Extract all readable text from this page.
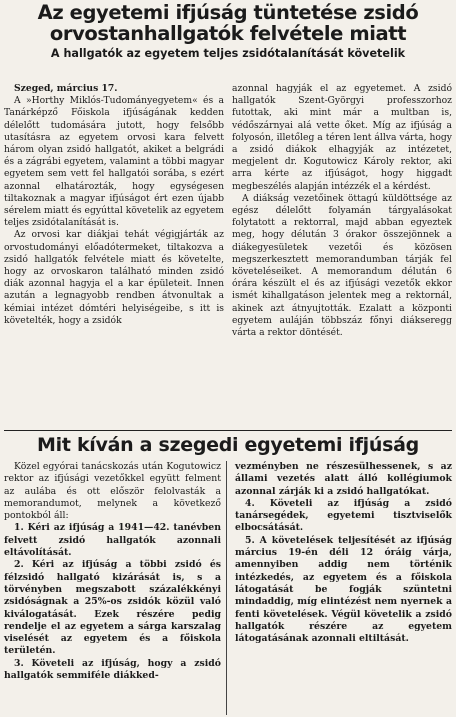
Az egyetemi ifjúság tüntetése zsidó orvostanhallgatók felvétele miatt
A hallgatók az egyetem teljes zsidótalanítását követelik

Szeged, március 17.

A »Horthy Miklós-Tudományegyetem« és a Tanárképző Főiskola ifjúságának kedden délelőtt tudomására jutott, hogy felsőbb utasításra az egyetem orvosi kara felvett három olyan zsidó hallgatót, akiket a belgrádi és a zágrábi egyetem, valamint a többi magyar egyetem sem vett fel hallgatói sorába, s ezért azonnal elhatározták, hogy egységesen tiltakoznak a magyar ifjúságot ért ezen újabb sérelem miatt és egyúttal követelik az egyetem teljes zsidótalanítását is.

Az orvosi kar diákjai tehát végigjárták az orvostudományi előadótermeket, tiltakozva a zsidó hallgatók felvétele miatt és követelte, hogy az orvoskaron található minden zsidó diák azonnal hagyja el a kar épületeit. Innen azután a legnagyobb rendben átvonultak a kémiai intézet dómtéri helyiségeibe, s itt is követelték, hogy a zsidók

azonnal hagyják el az egyetemet. A zsidó hallgatók Szent-Györgyi professzorhoz futottak, aki mint már a multban is, védőszárnyai alá vette őket. Míg az ifjúság a folyosón, illetőleg a téren lent állva várta, hogy a zsidó diákok elhagyják az intézetet, megjelent dr. Kogutowicz Károly rektor, aki arra kérte az ifjúságot, hogy higgadt megbeszélés alapján intézzék el a kérdést.

A diákság vezetőinek öttagú küldöttsége az egész délelőtt folyamán tárgyalásokat folytatott a rektorral, majd abban egyeztek meg, hogy délután 3 órakor összejönnek a diákegyesületek vezetői és közösen megszerkesztett memorandumban tárják fel követeléseiket. A memorandum délután 6 órára készült el és az ifjúsági vezetők ekkor ismét kihallgatáson jelentek meg a rektornál, akinek azt átnyujtották. Ezalatt a központi egyetem auláján többszáz főnyi diákseregg várta a rektor döntését.

Mit kíván a szegedi egyetemi ifjúság

Közel egyórai tanácskozás után Kogutowicz rektor az ifjúsági vezetőkkel együtt felment az aulába és ott először felolvasták a memorandumot, melynek a következő pontokból áll:

1. Kéri az ifjúság a 1941—42. tanévben felvett zsidó hallgatók azonnali eltávolítását.

2. Kéri az ifjúság a többi zsidó és félzsidó hallgató kizárását is, s a törvényben megszabott százalékkényi zsidóságnak a 25%-os zsidók közül való kiválogatását. Ezek részére pedig rendelje el az egyetem a sárga karszalag viselését az egyetem és a főiskola területén.

3. Követeli az ifjúság, hogy a zsidó hallgatók semmiféle diákked-

vezményben ne részesülhessenek, s az állami vezetés alatt álló kollégiumok azonnal zárják ki a zsidó hallgatókat.

4. Követeli az ifjúság a zsidó tanársegédek, egyetemi tisztviselők elbocsátását.

5. A követelések teljesítését az ifjúság március 19-én déli 12 óráig várja, amennyiben addig nem történik intézkedés, az egyetem és a főiskola látogatását be fogják szüntetni mindaddig, míg elintézést nem nyernek a fenti követelések. Végül követelik a zsidó hallgatók részére az egyetem látogatásának azonnali eltiltását.
